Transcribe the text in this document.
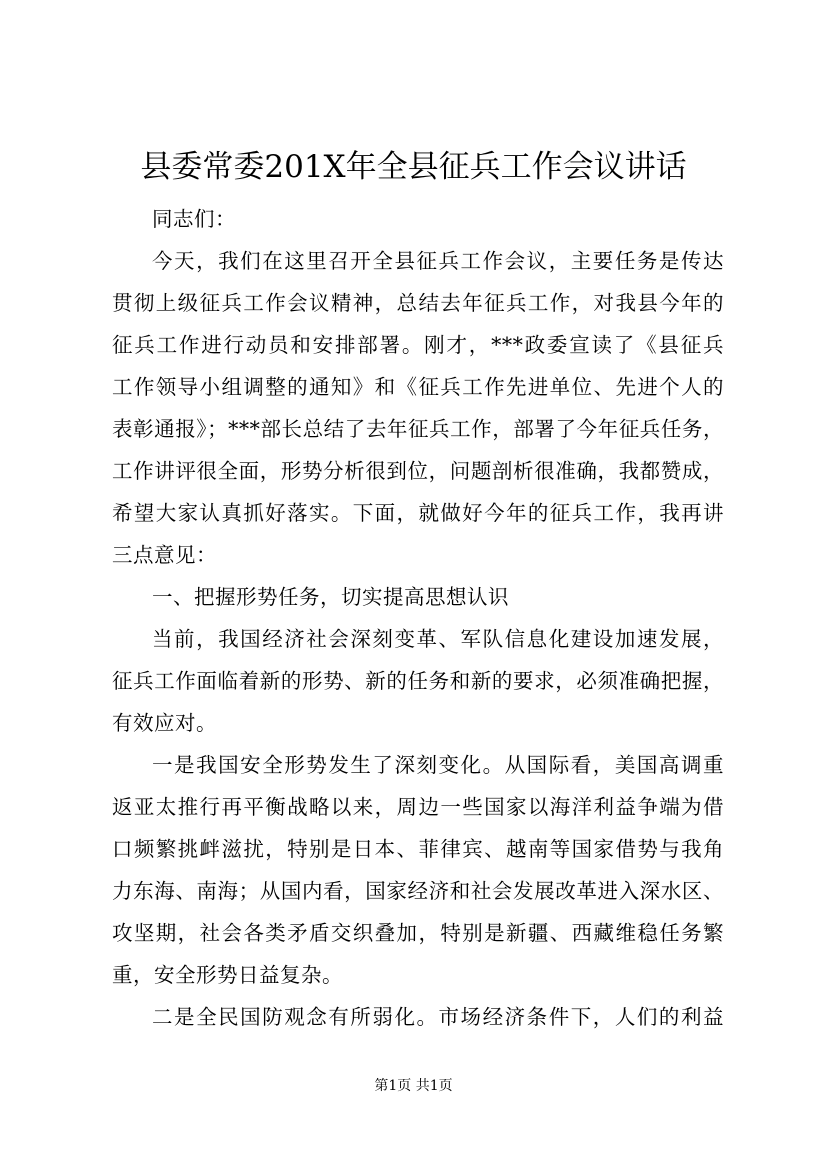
县委常委201X年全县征兵工作会议讲话
同志们：
今天，我们在这里召开全县征兵工作会议，主要任务是传达
贯彻上级征兵工作会议精神，总结去年征兵工作，对我县今年的
征兵工作进行动员和安排部署。刚才，***政委宣读了《县征兵
工作领导小组调整的通知》和《征兵工作先进单位、先进个人的
表彰通报》；***部长总结了去年征兵工作，部署了今年征兵任务，
工作讲评很全面，形势分析很到位，问题剖析很准确，我都赞成，
希望大家认真抓好落实。下面，就做好今年的征兵工作，我再讲
三点意见：
一、把握形势任务，切实提高思想认识
当前，我国经济社会深刻变革、军队信息化建设加速发展，
征兵工作面临着新的形势、新的任务和新的要求，必须准确把握，
有效应对。
一是我国安全形势发生了深刻变化。从国际看，美国高调重
返亚太推行再平衡战略以来，周边一些国家以海洋利益争端为借
口频繁挑衅滋扰，特别是日本、菲律宾、越南等国家借势与我角
力东海、南海；从国内看，国家经济和社会发展改革进入深水区、
攻坚期，社会各类矛盾交织叠加，特别是新疆、西藏维稳任务繁
重，安全形势日益复杂。
二是全民国防观念有所弱化。市场经济条件下，人们的利益
第1页 共1页
